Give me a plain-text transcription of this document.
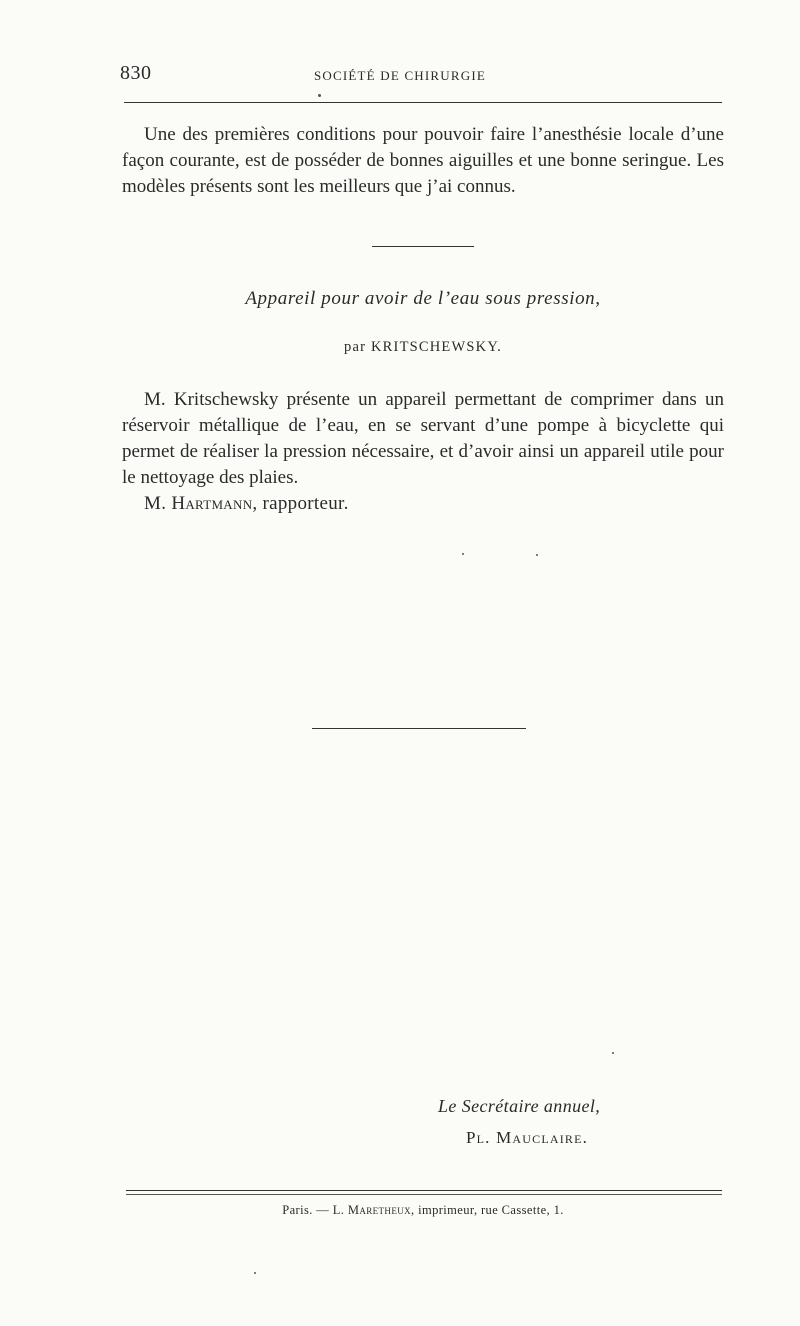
830	SOCIÉTÉ DE CHIRURGIE
Une des premières conditions pour pouvoir faire l’anesthésie locale d’une façon courante, est de posséder de bonnes aiguilles et une bonne seringue. Les modèles présents sont les meilleurs que j’ai connus.
Appareil pour avoir de l’eau sous pression,
par KRITSCHEWSKY.
M. Kritschewsky présente un appareil permettant de comprimer dans un réservoir métallique de l’eau, en se servant d’une pompe à bicyclette qui permet de réaliser la pression nécessaire, et d’avoir ainsi un appareil utile pour le nettoyage des plaies.
M. Hartmann, rapporteur.
Le Secrétaire annuel,
Pl. Mauclaire.
Paris. — L. Maretheux, imprimeur, rue Cassette, 1.
